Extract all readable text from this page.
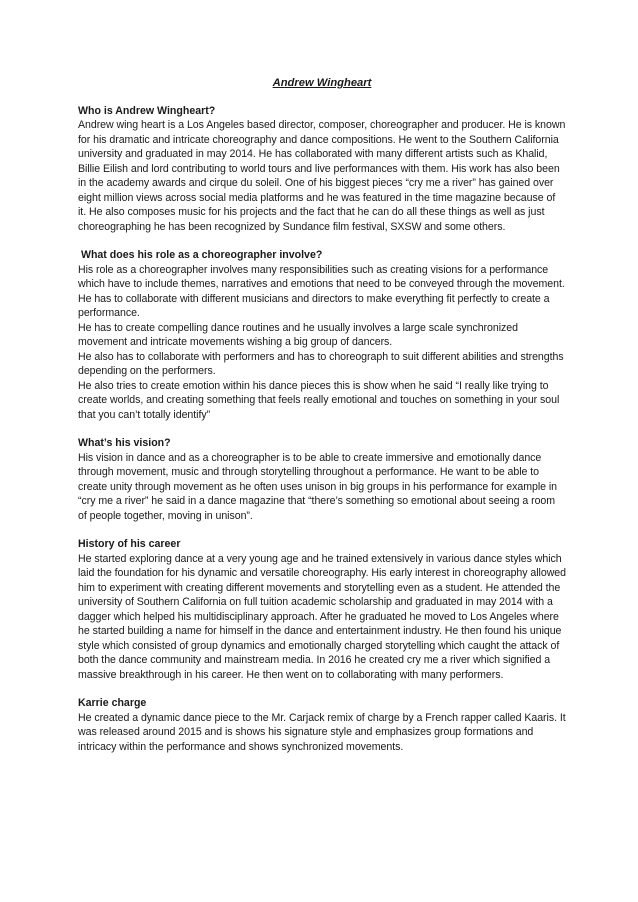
Andrew Wingheart
Who is Andrew Wingheart?
Andrew wing heart is a Los Angeles based director, composer, choreographer and producer. He is known for his dramatic and intricate choreography and dance compositions. He went to the Southern California university and graduated in may 2014. He has collaborated with many different artists such as Khalid, Billie Eilish and lord contributing to world tours and live performances with them. His work has also been in the academy awards and cirque du soleil. One of his biggest pieces “cry me a river” has gained over eight million views across social media platforms and he was featured in the time magazine because of it. He also composes music for his projects and the fact that he can do all these things as well as just choreographing he has been recognized by Sundance film festival, SXSW and some others.
What does his role as a choreographer involve?
His role as a choreographer involves many responsibilities such as creating visions for a performance which have to include themes, narratives and emotions that need to be conveyed through the movement. He has to collaborate with different musicians and directors to make everything fit perfectly to create a performance.
He has to create compelling dance routines and he usually involves a large scale synchronized movement and intricate movements wishing a big group of dancers.
He also has to collaborate with performers and has to choreograph to suit different abilities and strengths depending on the performers.
He also tries to create emotion within his dance pieces this is show when he said “I really like trying to create worlds, and creating something that feels really emotional and touches on something in your soul that you can’t totally identify”
What’s his vision?
His vision in dance and as a choreographer is to be able to create immersive and emotionally dance through movement, music and through storytelling throughout a performance. He want to be able to create unity through movement as he often uses unison in big groups in his performance for example in “cry me a river” he said in a dance magazine that “there’s something so emotional about seeing a room of people together, moving in unison”.
History of his career
He started exploring dance at a very young age and he trained extensively in various dance styles which laid the foundation for his dynamic and versatile choreography. His early interest in choreography allowed him to experiment with creating different movements and storytelling even as a student. He attended the university of Southern California on full tuition academic scholarship and graduated in may 2014 with a dagger which helped his multidisciplinary approach. After he graduated he moved to Los Angeles where he started building a name for himself in the dance and entertainment industry. He then found his unique style which consisted of group dynamics and emotionally charged storytelling which caught the attack of both the dance community and mainstream media. In 2016 he created cry me a river which signified a massive breakthrough in his career. He then went on to collaborating with many performers.
Karrie charge
He created a dynamic dance piece to the Mr. Carjack remix of charge by a French rapper called Kaaris. It was released around 2015 and is shows his signature style and emphasizes group formations and intricacy within the performance and shows synchronized movements.
